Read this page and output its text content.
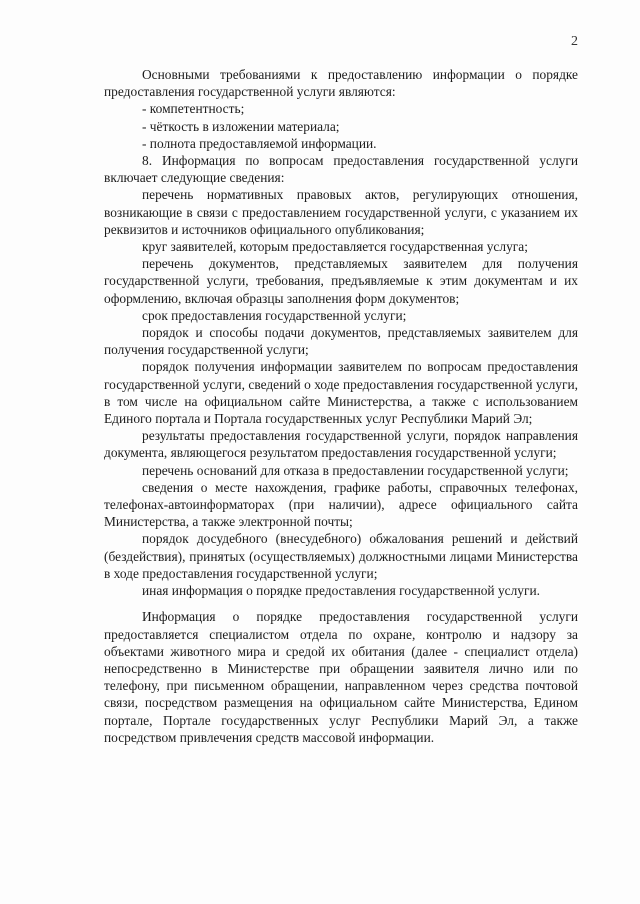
2

Основными требованиями к предоставлению информации о порядке предоставления государственной услуги являются:

- компетентность;

- чёткость в изложении материала;

- полнота предоставляемой информации.

8. Информация по вопросам предоставления государственной услуги включает следующие сведения:

перечень нормативных правовых актов, регулирующих отношения, возникающие в связи с предоставлением государственной услуги, с указанием их реквизитов и источников официального опубликования;

круг заявителей, которым предоставляется государственная услуга;

перечень документов, представляемых заявителем для получения государственной услуги, требования, предъявляемые к этим документам и их оформлению, включая образцы заполнения форм документов;

срок предоставления государственной услуги;

порядок и способы подачи документов, представляемых заявителем для получения государственной услуги;

порядок получения информации заявителем по вопросам предоставления государственной услуги, сведений о ходе предоставления государственной услуги, в том числе на официальном сайте Министерства, а также с использованием Единого портала и Портала государственных услуг Республики Марий Эл;

результаты предоставления государственной услуги, порядок направления документа, являющегося результатом предоставления государственной услуги;

перечень оснований для отказа в предоставлении государственной услуги;

сведения о месте нахождения, графике работы, справочных телефонах, телефонах-автоинформаторах (при наличии), адресе официального сайта Министерства, а также электронной почты;

порядок досудебного (внесудебного) обжалования решений и действий (бездействия), принятых (осуществляемых) должностными лицами Министерства в ходе предоставления государственной услуги;

иная информация о порядке предоставления государственной услуги.

Информация о порядке предоставления государственной услуги предоставляется специалистом отдела по охране, контролю и надзору за объектами животного мира и средой их обитания (далее - специалист отдела) непосредственно в Министерстве при обращении заявителя лично или по телефону, при письменном обращении, направленном через средства почтовой связи, посредством размещения на официальном сайте Министерства, Едином портале, Портале государственных услуг Республики Марий Эл, а также посредством привлечения средств массовой информации.
